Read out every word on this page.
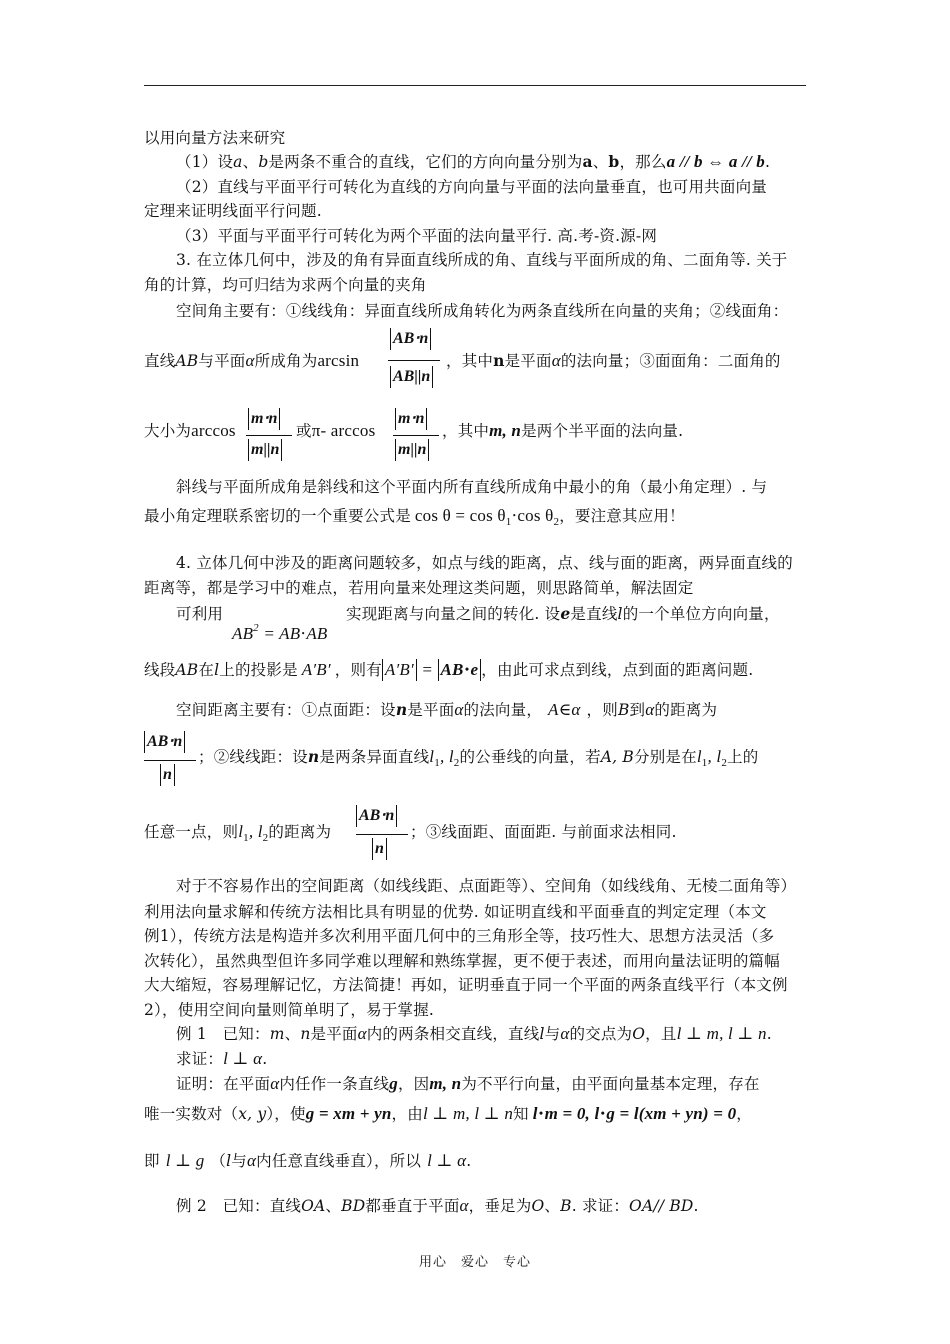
以用向量方法来研究
（1）设a、b是两条不重合的直线，它们的方向向量分别为a、b，那么a // b ⇔ a // b.
（2）直线与平面平行可转化为直线的方向向量与平面的法向量垂直，也可用共面向量
定理来证明线面平行问题.
（3）平面与平面平行可转化为两个平面的法向量平行. 高.考-资.源-网
3. 在立体几何中，涉及的角有异面直线所成的角、直线与平面所成的角、二面角等. 关于
角的计算，均可归结为求两个向量的夹角
空间角主要有：①线线角：异面直线所成角转化为两条直线所在向量的夹角；②线面角：
直线AB与平面α所成角为arcsin
AB⋅n
AB||n
，其中n是平面α的法向量；③面面角：二面角的
大小为arccos
m⋅n
m||n
或π- arccos
m⋅n
m||n
，其中m, n是两个半平面的法向量.
斜线与平面所成角是斜线和这个平面内所有直线所成角中最小的角（最小角定理）. 与
最小角定理联系密切的一个重要公式是 $\cos \theta = \cos \theta_1\cdot\cos$ $\theta_2$，要注意其应用！
4. 立体几何中涉及的距离问题较多，如点与线的距离，点、线与面的距离，两异面直线的
距离等，都是学习中的难点，若用向量来处理这类问题，则思路简单，解法固定
可利用
$AB^2 = AB\cdot AB$
实现距离与向量之间的转化. 设e是直线l的一个单位方向向量，
线段AB在l上的投影是 A′B′ ，则有 A′B′ = AB⋅e ，由此可求点到线，点到面的距离问题.
空间距离主要有：①点面距：设n是平面α的法向量， A∈α ，则B到α的距离为
AB⋅n
n
；②线线距：设n是两条异面直线$l_1$, $l_2$的公垂线的向量，若A, B分别是在$l_1$, $l_2$上的
任意一点，则$l_1$, $l_2$的距离为
AB⋅n
n
；③线面距、面面距. 与前面求法相同.
对于不容易作出的空间距离（如线线距、点面距等）、空间角（如线线角、无棱二面角等）
利用法向量求解和传统方法相比具有明显的优势. 如证明直线和平面垂直的判定定理（本文
例1），传统方法是构造并多次利用平面几何中的三角形全等，技巧性大、思想方法灵活（多
次转化），虽然典型但许多同学难以理解和熟练掌握，更不便于表述，而用向量法证明的篇幅
大大缩短，容易理解记忆，方法简捷！再如，证明垂直于同一个平面的两条直线平行（本文例
2），使用空间向量则简单明了，易于掌握.
例 1　已知：m、n是平面α内的两条相交直线，直线l与α的交点为O，且l ⊥ m, l ⊥ n.
求证：l ⊥ α.
证明：在平面α内任作一条直线g，因m, n为不平行向量，由平面向量基本定理，存在
唯一实数对（x, y），使g = xm + yn，由l ⊥ m, l ⊥ n知 l⋅m = 0, l⋅g = l(xm + yn) = 0，
即 l ⊥ g （l与α内任意直线垂直），所以 l ⊥ α.
例 2　已知：直线OA、BD都垂直于平面α，垂足为O、B. 求证：OA// BD.
用心　爱心　专心
